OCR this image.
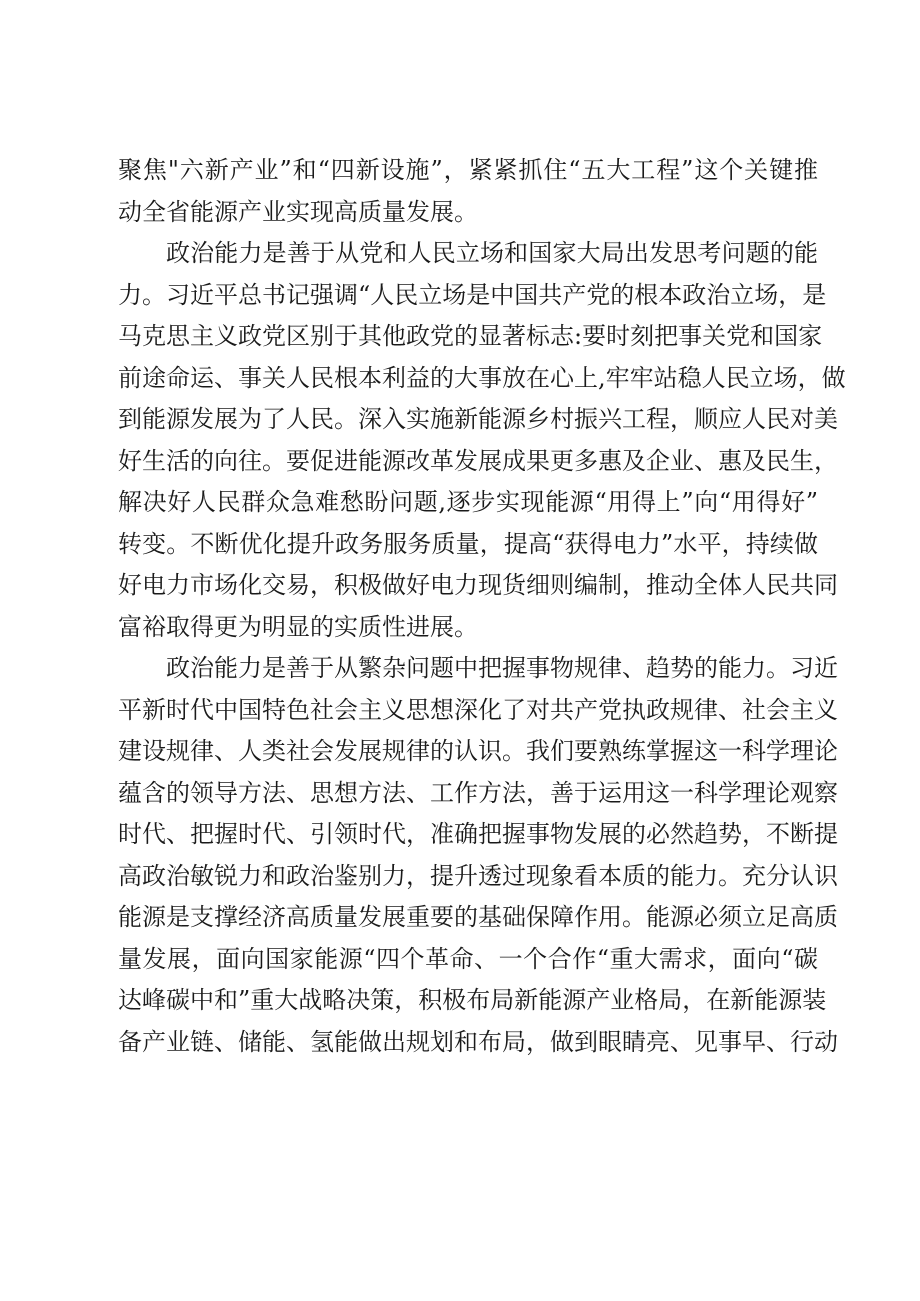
聚焦"六新产业”和“四新设施”，紧紧抓住“五大工程”这个关键推
动全省能源产业实现高质量发展。
政治能力是善于从党和人民立场和国家大局出发思考问题的能
力。习近平总书记强调“人民立场是中国共产党的根本政治立场，是
马克思主义政党区别于其他政党的显著标志:要时刻把事关党和国家
前途命运、事关人民根本利益的大事放在心上,牢牢站稳人民立场，做
到能源发展为了人民。深入实施新能源乡村振兴工程，顺应人民对美
好生活的向往。要促进能源改革发展成果更多惠及企业、惠及民生，
解决好人民群众急难愁盼问题,逐步实现能源“用得上”向“用得好”
转变。不断优化提升政务服务质量，提高“获得电力”水平，持续做
好电力市场化交易，积极做好电力现货细则编制，推动全体人民共同
富裕取得更为明显的实质性进展。
政治能力是善于从繁杂问题中把握事物规律、趋势的能力。习近
平新时代中国特色社会主义思想深化了对共产党执政规律、社会主义
建设规律、人类社会发展规律的认识。我们要熟练掌握这一科学理论
蕴含的领导方法、思想方法、工作方法，善于运用这一科学理论观察
时代、把握时代、引领时代，准确把握事物发展的必然趋势，不断提
高政治敏锐力和政治鉴别力，提升透过现象看本质的能力。充分认识
能源是支撑经济高质量发展重要的基础保障作用。能源必须立足高质
量发展，面向国家能源“四个革命、一个合作“重大需求，面向“碳
达峰碳中和”重大战略决策，积极布局新能源产业格局，在新能源装
备产业链、储能、氢能做出规划和布局，做到眼睛亮、见事早、行动
